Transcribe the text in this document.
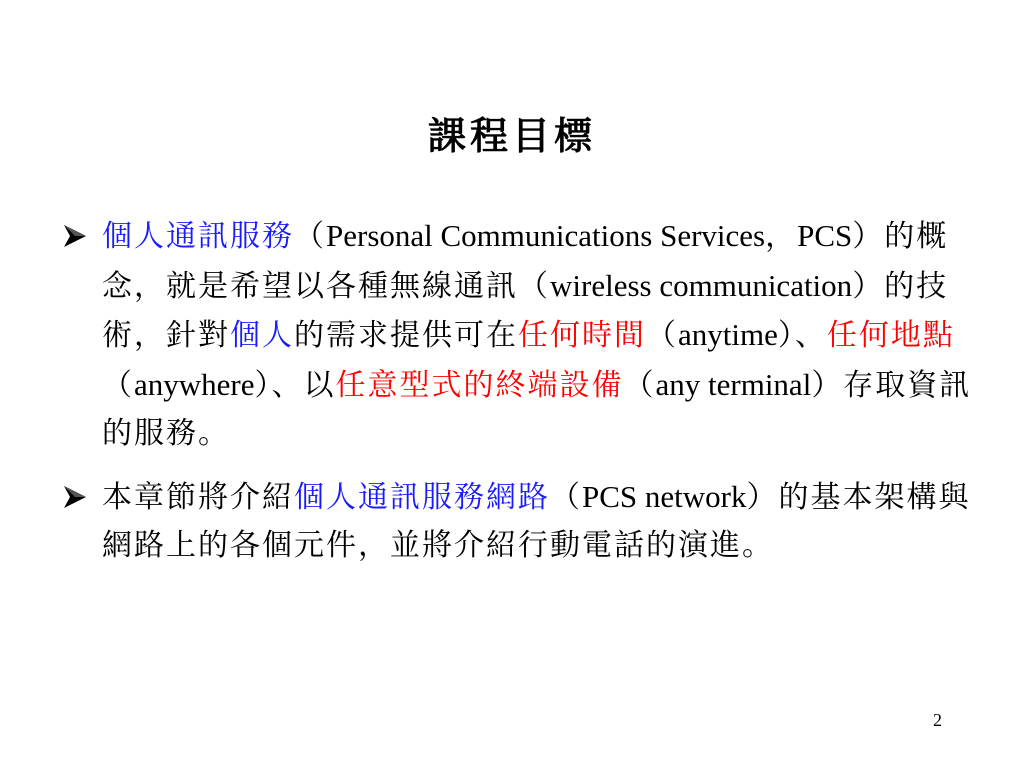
課程目標
個人通訊服務（Personal Communications Services，PCS）的概念，就是希望以各種無線通訊（wireless communication）的技術，針對個人的需求提供可在任何時間（anytime）、任何地點（anywhere）、以任意型式的終端設備（any terminal）存取資訊的服務。
本章節將介紹個人通訊服務網路（PCS network）的基本架構與網路上的各個元件，並將介紹行動電話的演進。
2
